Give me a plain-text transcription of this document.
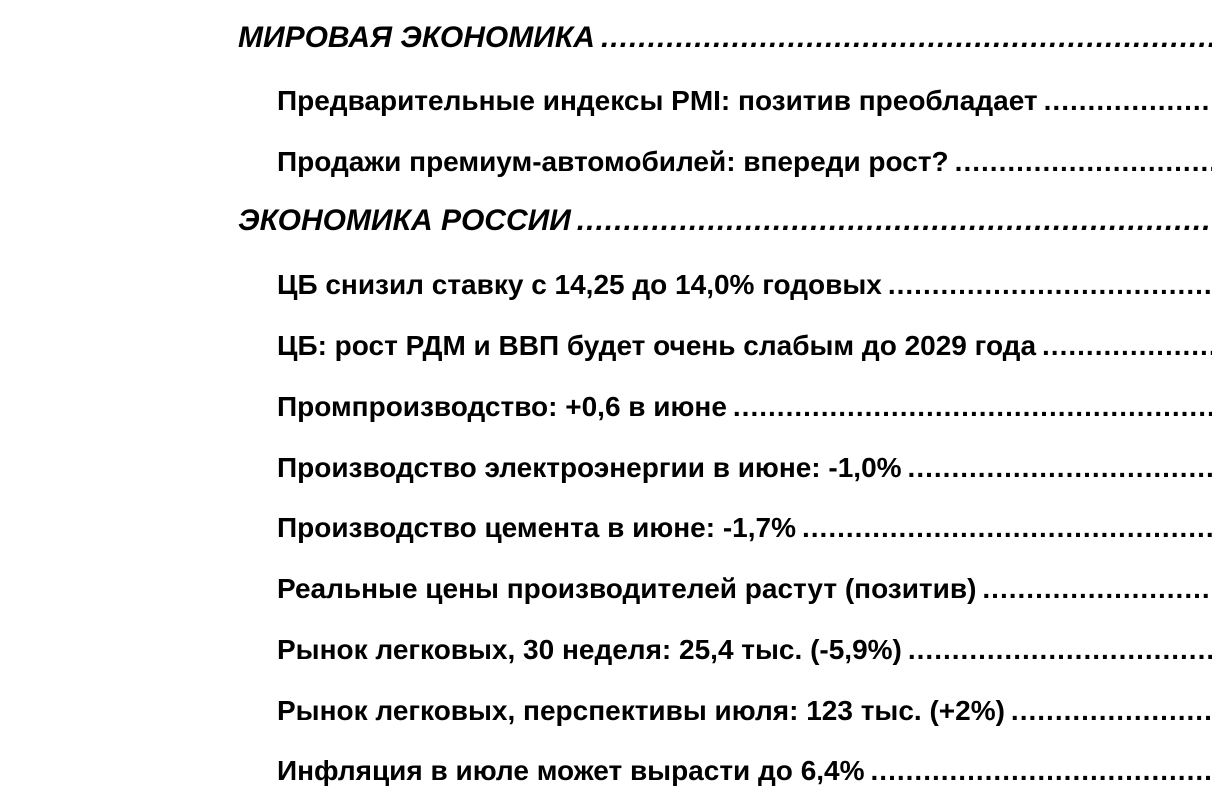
МИРОВАЯ ЭКОНОМИКА
.....
Предварительные индексы PMI: позитив преобладает
.....
Продажи премиум-автомобилей: впереди рост?
.....
ЭКОНОМИКА РОССИИ
.....
ЦБ снизил ставку с 14,25 до 14,0% годовых
.....
ЦБ: рост РДМ и ВВП будет очень слабым до 2029 года
.....
Промпроизводство: +0,6 в июне
.....
Производство электроэнергии в июне: -1,0%
.....
Производство цемента в июне: -1,7%
.....
Реальные цены производителей растут (позитив)
.....
Рынок легковых, 30 неделя: 25,4 тыс. (-5,9%)
.....
Рынок легковых, перспективы июля: 123 тыс. (+2%)
.....
Инфляция в июле может вырасти до 6,4%
.....
